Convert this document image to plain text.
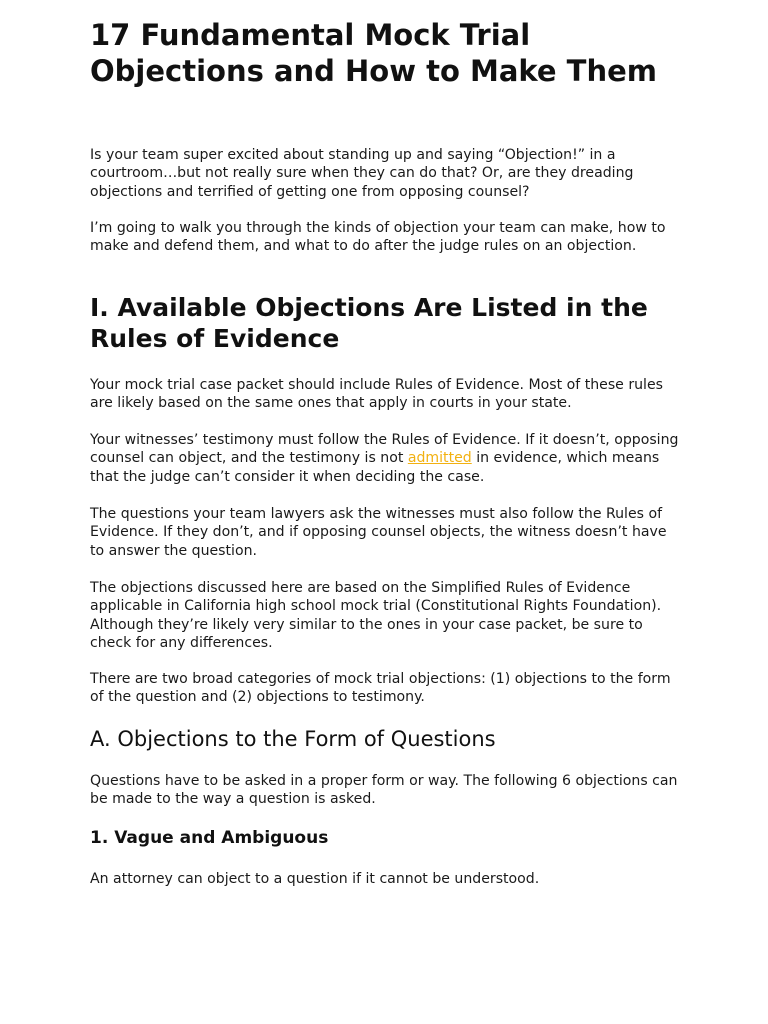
17 Fundamental Mock Trial Objections and How to Make Them

Is your team super excited about standing up and saying “Objection!” in a courtroom…but not really sure when they can do that? Or, are they dreading objections and terrified of getting one from opposing counsel?

I’m going to walk you through the kinds of objection your team can make, how to make and defend them, and what to do after the judge rules on an objection.

I. Available Objections Are Listed in the Rules of Evidence

Your mock trial case packet should include Rules of Evidence. Most of these rules are likely based on the same ones that apply in courts in your state.

Your witnesses’ testimony must follow the Rules of Evidence. If it doesn’t, opposing counsel can object, and the testimony is not admitted in evidence, which means that the judge can’t consider it when deciding the case.

The questions your team lawyers ask the witnesses must also follow the Rules of Evidence. If they don’t, and if opposing counsel objects, the witness doesn’t have to answer the question.

The objections discussed here are based on the Simplified Rules of Evidence applicable in California high school mock trial (Constitutional Rights Foundation). Although they’re likely very similar to the ones in your case packet, be sure to check for any differences.

There are two broad categories of mock trial objections: (1) objections to the form of the question and (2) objections to testimony.

A. Objections to the Form of Questions

Questions have to be asked in a proper form or way. The following 6 objections can be made to the way a question is asked.

1. Vague and Ambiguous

An attorney can object to a question if it cannot be understood.
